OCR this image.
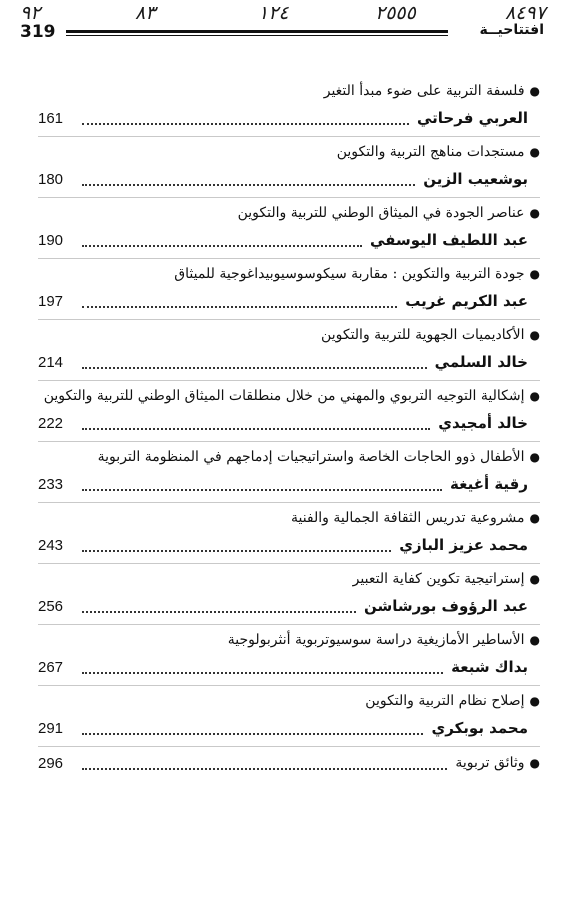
٨٤٩٧
٢٥٥٥
١٢٤
٨٣
٩٢
319	افتتاحيــة
●
فلسفة التربية على ضوء مبدأ التغير
العربي فرحاتي
161
●
مستجدات مناهج التربية والتكوين
بوشعيب الزين
180
●
عناصر الجودة في الميثاق الوطني للتربية والتكوين
عبد اللطيف اليوسفي
190
●
جودة التربية والتكوين : مقاربة سيكوسوسيوبيداغوجية للميثاق
عبد الكريم غريب
197
●
الأكاديميات الجهوية للتربية والتكوين
خالد السلمي
214
●
إشكالية التوجيه التربوي والمهني من خلال منطلقات الميثاق الوطني للتربية والتكوين
خالد أمجيدي
222
●
الأطفال ذوو الحاجات الخاصة واستراتيجيات إدماجهم في المنظومة التربوية
رقية أغيغة
233
●
مشروعية تدريس الثقافة الجمالية والفنية
محمد عزيز البازي
243
●
إستراتيجية تكوين كفاية التعبير
عبد الرؤوف بورشاشن
256
●
الأساطير الأمازيغية دراسة سوسيوتربوية أنثربولوجية
بداك شبعة
267
●
إصلاح نظام التربية والتكوين
محمد بوبكري
291
●
وثائق تربوية
296
